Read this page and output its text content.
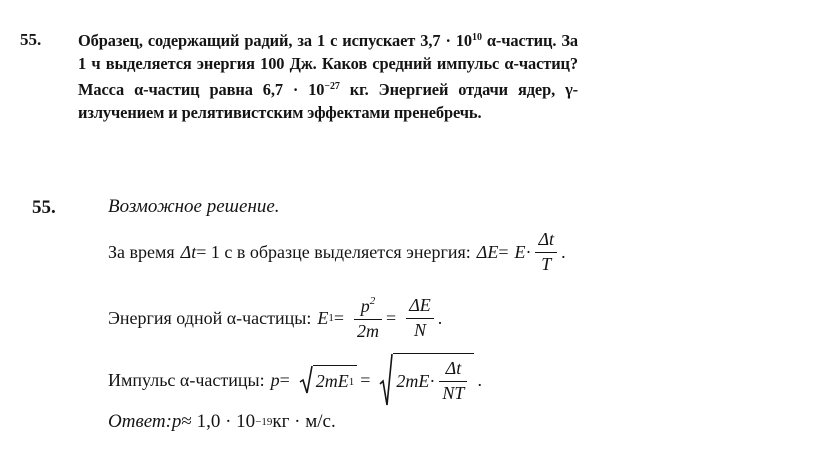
55. Образец, содержащий радий, за 1 с испускает $3,7 \cdot 10^{10}$ α-частиц. За 1 ч выделяется энергия 100 Дж. Каков средний импульс α-частиц? Масса α-частиц равна $6,7 \cdot 10^{-27}$ кг. Энергией отдачи ядер, γ-излучением и релятивистским эффектами пренебречь.
55.	Возможное решение.
За время Δt = 1 с в образце выделяется энергия: $\Delta E = E \cdot \frac{\Delta t}{T}$ .
Энергия одной α-частицы: E $1 = \frac{p^2}{2m} = \frac{\Delta E}{N}$ .
Импульс α-частицы: p = 2mE $1 = 2mE \cdot \frac{\Delta t}{NT}$ .
Ответ: p ≈ 1,0 · 10 −19 кг · м/с.
